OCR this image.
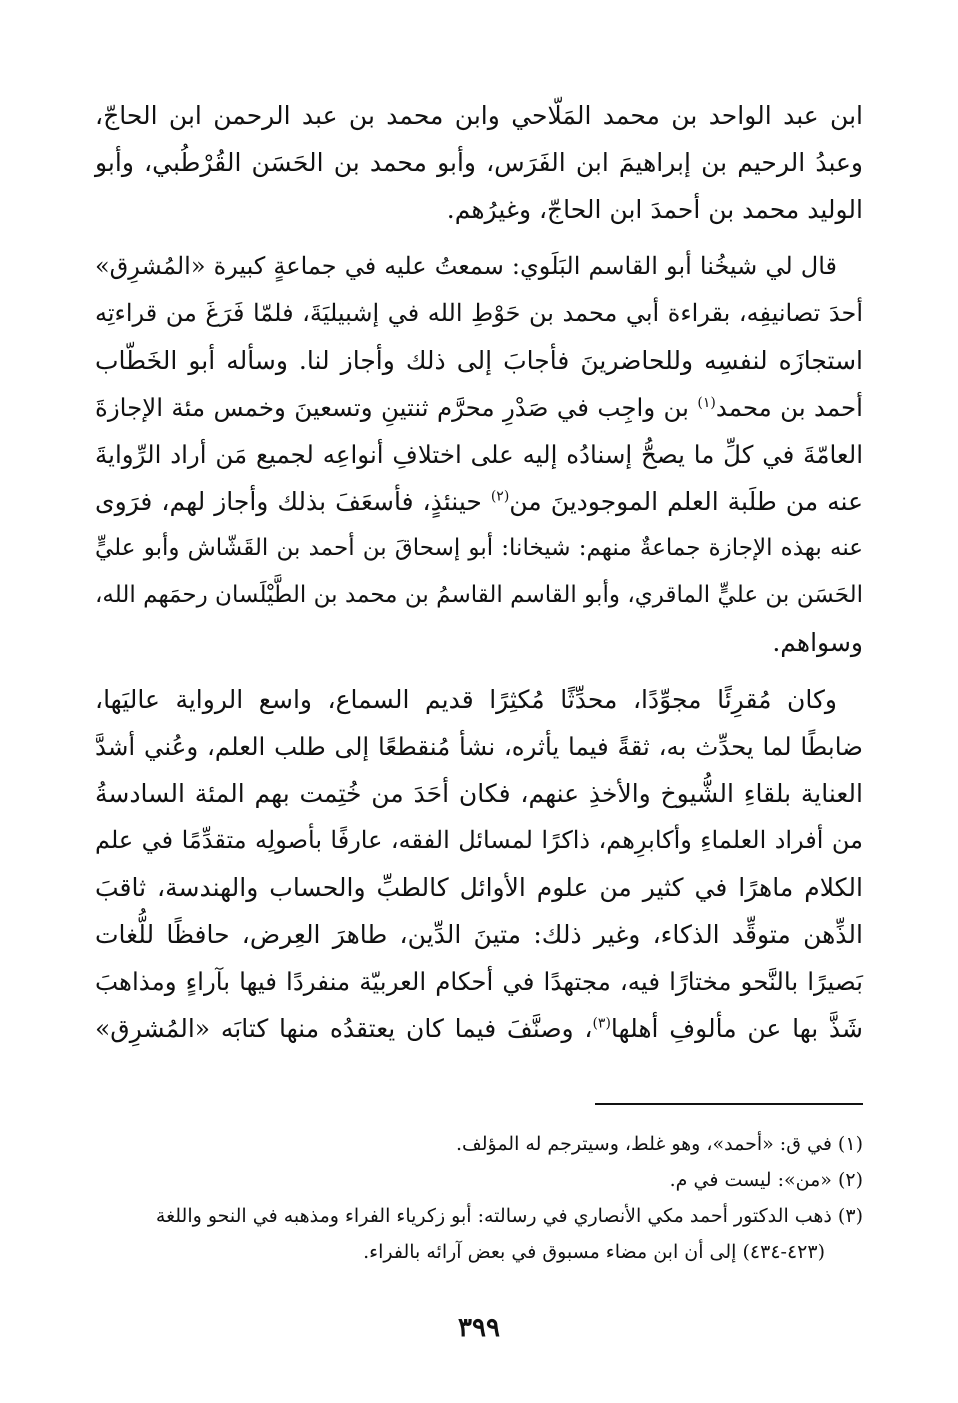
ابن عبد الواحد بن محمد المَلّاحي وابن محمد بن عبد الرحمن ابن الحاجّ،
وعبدُ الرحيم بن إبراهيمَ ابن الفَرَس، وأبو محمد بن الحَسَن القُرْطُبي، وأبو
الوليد محمد بن أحمدَ ابن الحاجّ، وغيرُهم.

قال لي شيخُنا أبو القاسم البَلَوي: سمعتُ عليه في جماعةٍ كبيرة «المُشرِق»
أحدَ تصانيفِه، بقراءة أبي محمد بن حَوْطِ الله في إشبيليَةَ، فلمّا فَرَغَ من قراءتِه
استجازَه لنفسِه وللحاضرينَ فأجابَ إلى ذلك وأجاز لنا. وسأله أبو الخَطّاب
أحمد بن محمد$^{(١)}$ بن واجِب في صَدْرِ محرَّم ثنتينِ وتسعينَ وخمس مئة الإجازةَ
العامّةَ في كلِّ ما يصحُّ إسنادُه إليه على اختلافِ أنواعِه لجميع مَن أراد الرِّوايةَ
عنه من طلَبة العلم الموجودينَ من$^{(٢)}$ حينئذٍ، فأسعَفَ بذلك وأجاز لهم، فرَوى
عنه بهذه الإجازة جماعةٌ منهم: شيخانا: أبو إسحاقَ بن أحمد بن القَشّاش وأبو عليٍّ
الحَسَن بن عليٍّ الماقري، وأبو القاسم القاسمُ بن محمد بن الطَّيْلَسان رحمَهم الله،
وسواهم.

وكان مُقرِئًا مجوِّدًا، محدِّثًا مُكثِرًا قديم السماع، واسع الرواية عاليَها،
ضابطًا لما يحدِّث به، ثقةً فيما يأثره، نشأ مُنقطعًا إلى طلب العلم، وعُني أشدَّ
العناية بلقاءِ الشُّيوخ والأخذِ عنهم، فكان أحَدَ من خُتِمت بهم المئة السادسةُ
من أفراد العلماءِ وأكابرِهم، ذاكرًا لمسائل الفقه، عارفًا بأصولِه متقدِّمًا في علم
الكلام ماهرًا في كثير من علوم الأوائل كالطبِّ والحساب والهندسة، ثاقبَ
الذِّهن متوقِّد الذكاء، وغير ذلك: متينَ الدِّين، طاهرَ العِرض، حافظًا للُّغات
بَصيرًا بالنَّحو مختارًا فيه، مجتهدًا في أحكام العربيّة منفردًا فيها بآراءٍ ومذاهبَ
شَذَّ بها عن مألوفِ أهلها$^{(٣)}$، وصنَّفَ فيما كان يعتقدُه منها كتابَه «المُشرِق»

(١) في ق: «أحمد»، وهو غلط، وسيترجم له المؤلف.
(٢) «من»: ليست في م.
(٣) ذهب الدكتور أحمد مكي الأنصاري في رسالته: أبو زكرياء الفراء ومذهبه في النحو واللغة
(٤٢٣-٤٣٤) إلى أن ابن مضاء مسبوق في بعض آرائه بالفراء.
٣٩٩
